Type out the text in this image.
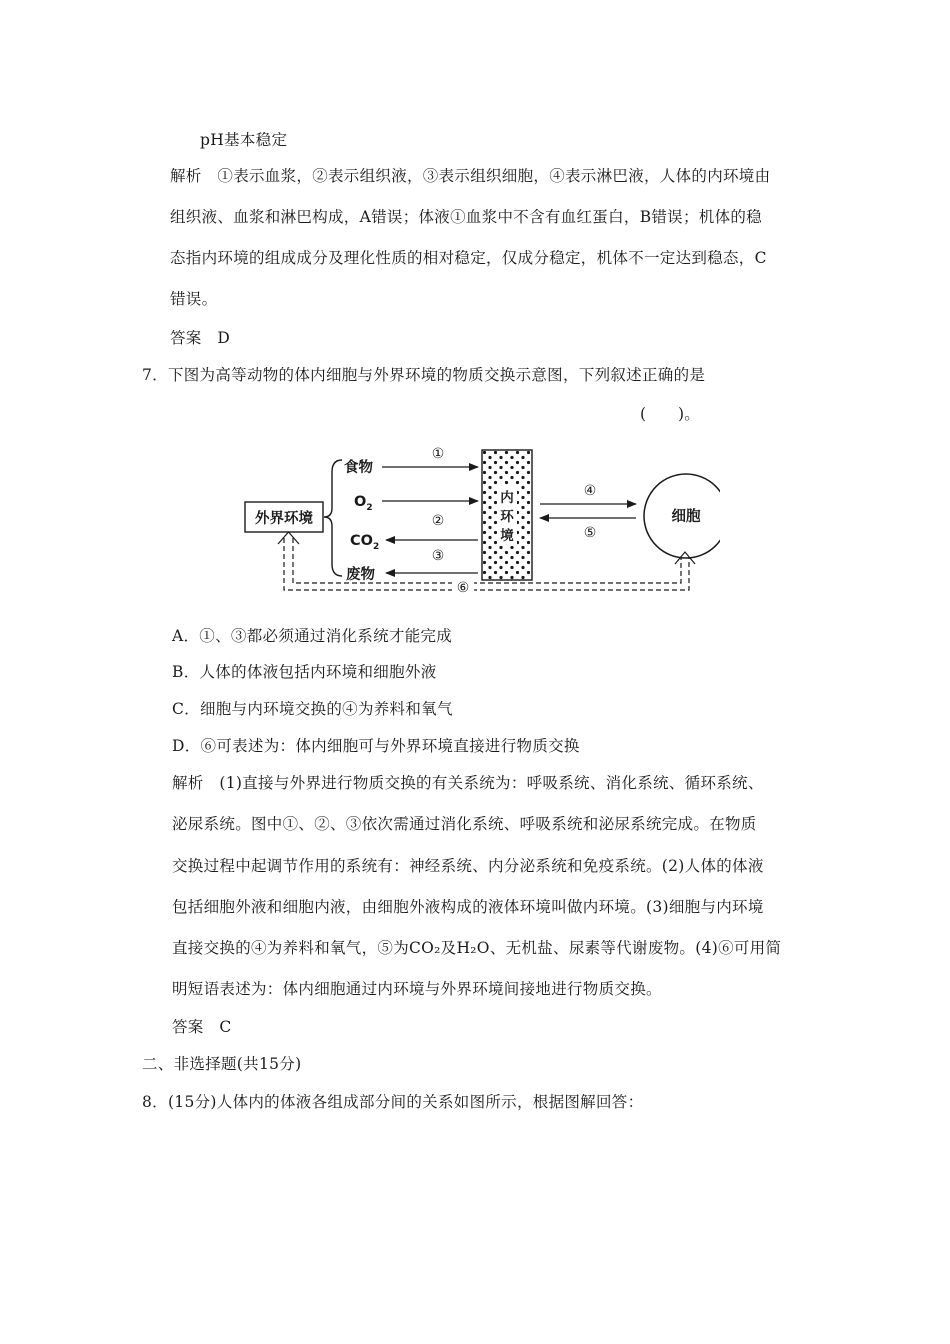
pH基本稳定
解析　①表示血浆，②表示组织液，③表示组织细胞，④表示淋巴液，人体的内环境由
组织液、血浆和淋巴构成，A错误；体液①血浆中不含有血红蛋白，B错误；机体的稳
态指内环境的组成成分及理化性质的相对稳定，仅成分稳定，机体不一定达到稳态，C
错误。
答案　D
7．下图为高等动物的体内细胞与外界环境的物质交换示意图，下列叙述正确的是
(　　)。
外界环境
食物
$O_2$
$CO_2$
废物
①
②
③
内
环
境
④
⑤
细胞
⑥
A．①、③都必须通过消化系统才能完成
B．人体的体液包括内环境和细胞外液
C．细胞与内环境交换的④为养料和氧气
D．⑥可表述为：体内细胞可与外界环境直接进行物质交换
解析　(1)直接与外界进行物质交换的有关系统为：呼吸系统、消化系统、循环系统、
泌尿系统。图中①、②、③依次需通过消化系统、呼吸系统和泌尿系统完成。在物质
交换过程中起调节作用的系统有：神经系统、内分泌系统和免疫系统。(2)人体的体液
包括细胞外液和细胞内液，由细胞外液构成的液体环境叫做内环境。(3)细胞与内环境
直接交换的④为养料和氧气，⑤为CO₂及H₂O、无机盐、尿素等代谢废物。(4)⑥可用简
明短语表述为：体内细胞通过内环境与外界环境间接地进行物质交换。
答案　C
二、非选择题(共15分)
8．(15分)人体内的体液各组成部分间的关系如图所示，根据图解回答：
